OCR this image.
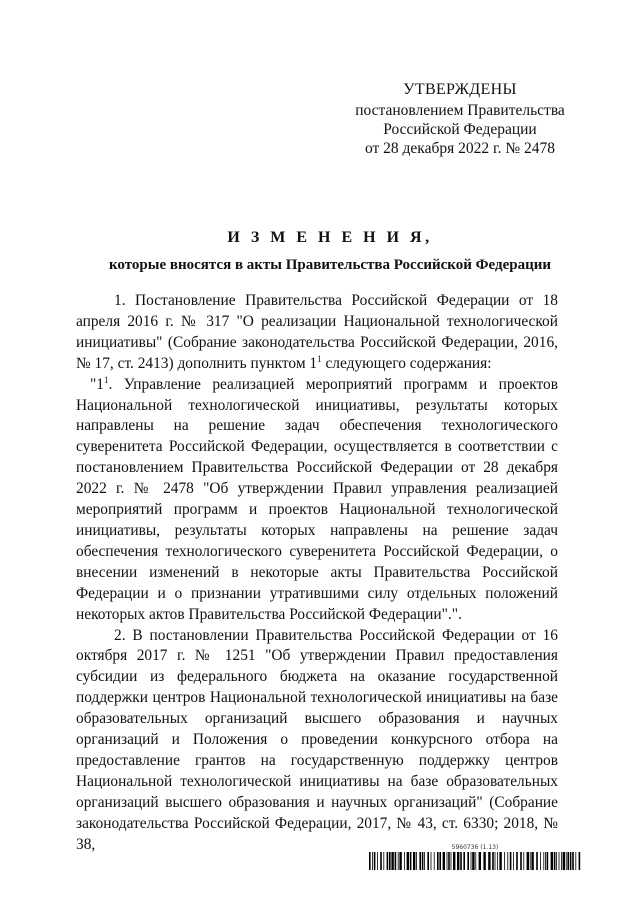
УТВЕРЖДЕНЫ
постановлением Правительства
Российской Федерации
от 28 декабря 2022 г. № 2478
И З М Е Н Е Н И Я,
которые вносятся в акты Правительства Российской Федерации

1. Постановление Правительства Российской Федерации от 18 апреля 2016 г. № 317 "О реализации Национальной технологической инициативы" (Собрание законодательства Российской Федерации, 2016, № 17, ст. 2413) дополнить пунктом $1^1$ следующего содержания:

"$1^1$. Управление реализацией мероприятий программ и проектов Национальной технологической инициативы, результаты которых направлены на решение задач обеспечения технологического суверенитета Российской Федерации, осуществляется в соответствии с постановлением Правительства Российской Федерации от 28 декабря 2022 г. № 2478 "Об утверждении Правил управления реализацией мероприятий программ и проектов Национальной технологической инициативы, результаты которых направлены на решение задач обеспечения технологического суверенитета Российской Федерации, о внесении изменений в некоторые акты Правительства Российской Федерации и о признании утратившими силу отдельных положений некоторых актов Правительства Российской Федерации".".

2. В постановлении Правительства Российской Федерации от 16 октября 2017 г. № 1251 "Об утверждении Правил предоставления субсидии из федерального бюджета на оказание государственной поддержки центров Национальной технологической инициативы на базе образовательных организаций высшего образования и научных организаций и Положения о проведении конкурсного отбора на предоставление грантов на государственную поддержку центров Национальной технологической инициативы на базе образовательных организаций высшего образования и научных организаций" (Собрание законодательства Российской Федерации, 2017, № 43, ст. 6330; 2018, № 38,	5960736 (1.13)
